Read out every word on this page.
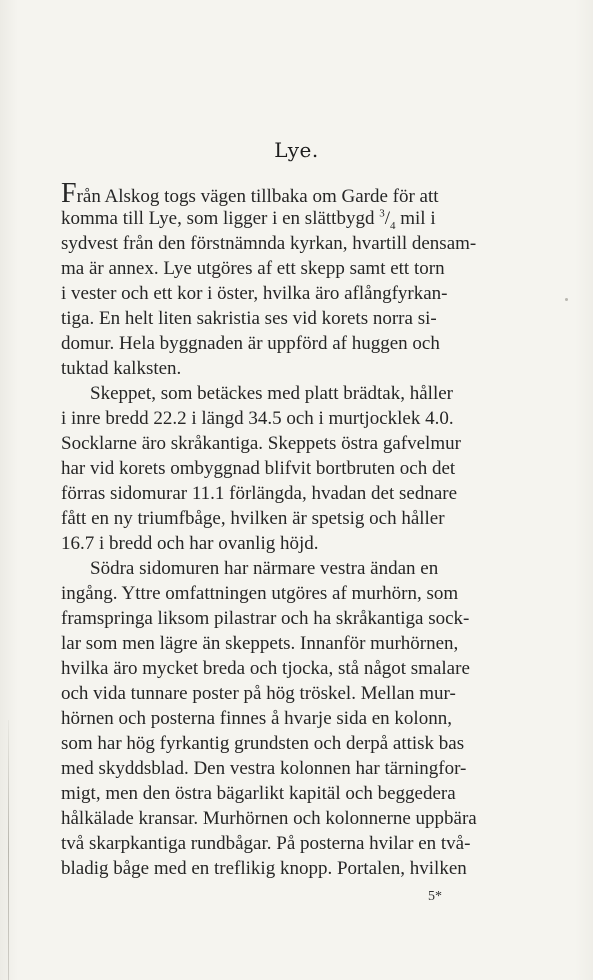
Lye.
Från Alskog togs vägen tillbaka om Garde för att
komma till Lye, som ligger i en slättbygd $^3/_4$ mil i
sydvest från den förstnämnda kyrkan, hvartill densam-
ma är annex. Lye utgöres af ett skepp samt ett torn
i vester och ett kor i öster, hvilka äro aflångfyrkan-
tiga. En helt liten sakristia ses vid korets norra si-
domur. Hela byggnaden är uppförd af huggen och
tuktad kalksten.
Skeppet, som betäckes med platt brädtak, håller
i inre bredd 22.2 i längd 34.5 och i murtjocklek 4.0.
Socklarne äro skråkantiga. Skeppets östra gafvelmur
har vid korets ombyggnad blifvit bortbruten och det
förras sidomurar 11.1 förlängda, hvadan det sednare
fått en ny triumfbåge, hvilken är spetsig och håller
16.7 i bredd och har ovanlig höjd.
Södra sidomuren har närmare vestra ändan en
ingång. Yttre omfattningen utgöres af murhörn, som
framspringa liksom pilastrar och ha skråkantiga sock-
lar som men lägre än skeppets. Innanför murhörnen,
hvilka äro mycket breda och tjocka, stå något smalare
och vida tunnare poster på hög tröskel. Mellan mur-
hörnen och posterna finnes å hvarje sida en kolonn,
som har hög fyrkantig grundsten och derpå attisk bas
med skyddsblad. Den vestra kolonnen har tärningfor-
migt, men den östra bägarlikt kapitäl och beggedera
hålkälade kransar. Murhörnen och kolonnerne uppbära
två skarpkantiga rundbågar. På posterna hvilar en två-
bladig båge med en treflikig knopp. Portalen, hvilken
5*
